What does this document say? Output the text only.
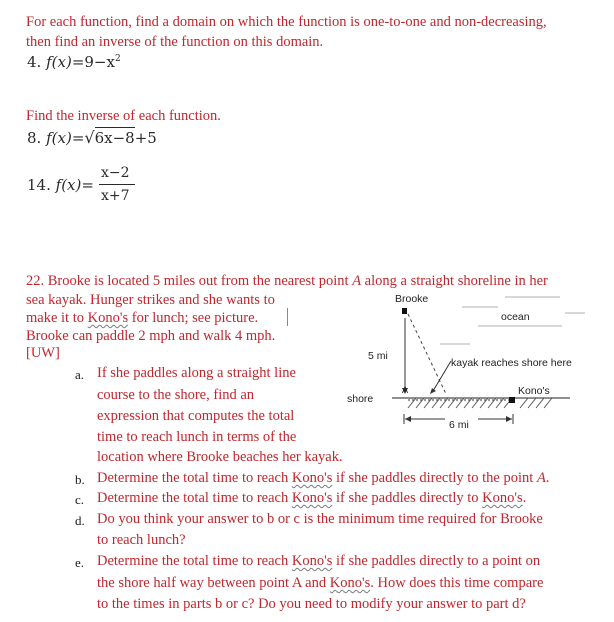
For each function, find a domain on which the function is one-to-one and non-decreasing,
then find an inverse of the function on this domain.
4. $f(x)=9-x^2$
Find the inverse of each function.
8. f(x)=√6x−8+5
14. f(x)=
x−2
x+7
22. Brooke is located 5 miles out from the nearest point A along a straight shoreline in her
sea kayak. Hunger strikes and she wants to
make it to Kono's for lunch; see picture.
Brooke can paddle 2 mph and walk 4 mph.
[UW]
a. If she paddles along a straight line
course to the shore, find an
expression that computes the total
time to reach lunch in terms of the
location where Brooke beaches her kayak.
b. Determine the total time to reach Kono's if she paddles directly to the point A.
c. Determine the total time to reach Kono's if she paddles directly to Kono's.
d. Do you think your answer to b or c is the minimum time required for Brooke
to reach lunch?
e. Determine the total time to reach Kono's if she paddles directly to a point on
the shore half way between point A and Kono's. How does this time compare
to the times in parts b or c? Do you need to modify your answer to part d?
Brooke
ocean
5 mi
kayak reaches shore here
Kono's
shore
A
6 mi
